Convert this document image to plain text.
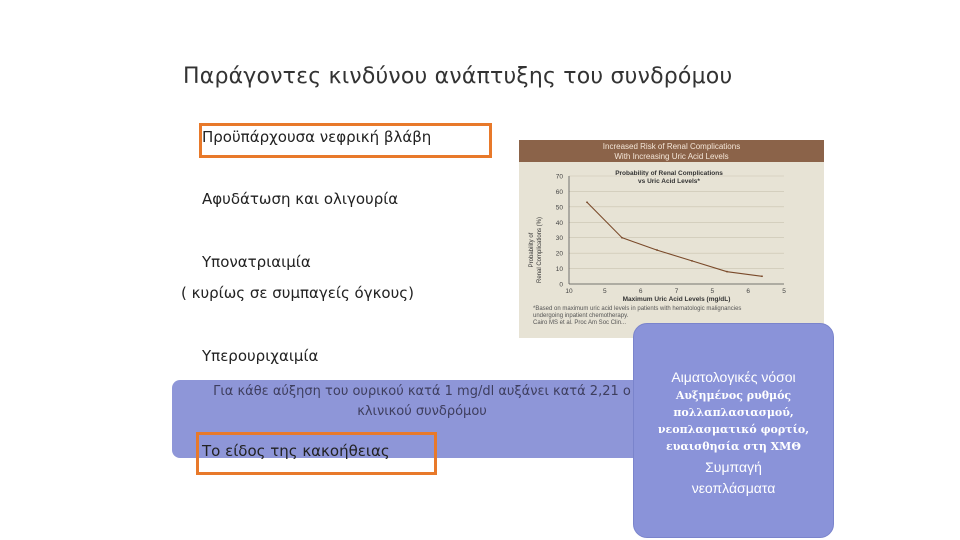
Παράγοντες κινδύνου ανάπτυξης του συνδρόμου
Προϋπάρχουσα νεφρική βλάβη
Αφυδάτωση και ολιγουρία
Υπονατριαιμία
( κυρίως σε συμπαγείς όγκους)
Υπερουριχαιμία
Για κάθε αύξηση του ουρικού κατά 1 mg/dl αυξάνει κατά 2,21 ο
κλινικού συνδρόμου
Το είδος της κακοήθειας
Increased Risk of Renal Complications
With Increasing Uric Acid Levels
Probability of Renal Complications
vs Uric Acid Levels*
0
10
20
30
40
50
60
70
10	5	6	7	5	6	5
Maximum Uric Acid Levels (mg/dL)
Probability of Renal Complications (%)
*Based on maximum uric acid levels in patients with hematologic malignancies
undergoing inpatient chemotherapy.
Cairo MS et al. Proc Am Soc Clin...
Αιματολογικές νόσοι
Αυξημένος ρυθμός
πολλαπλασιασμού,
νεοπλασματικό φορτίο,
ευαισθησία στη ΧΜΘ
Συμπαγή
νεοπλάσματα
